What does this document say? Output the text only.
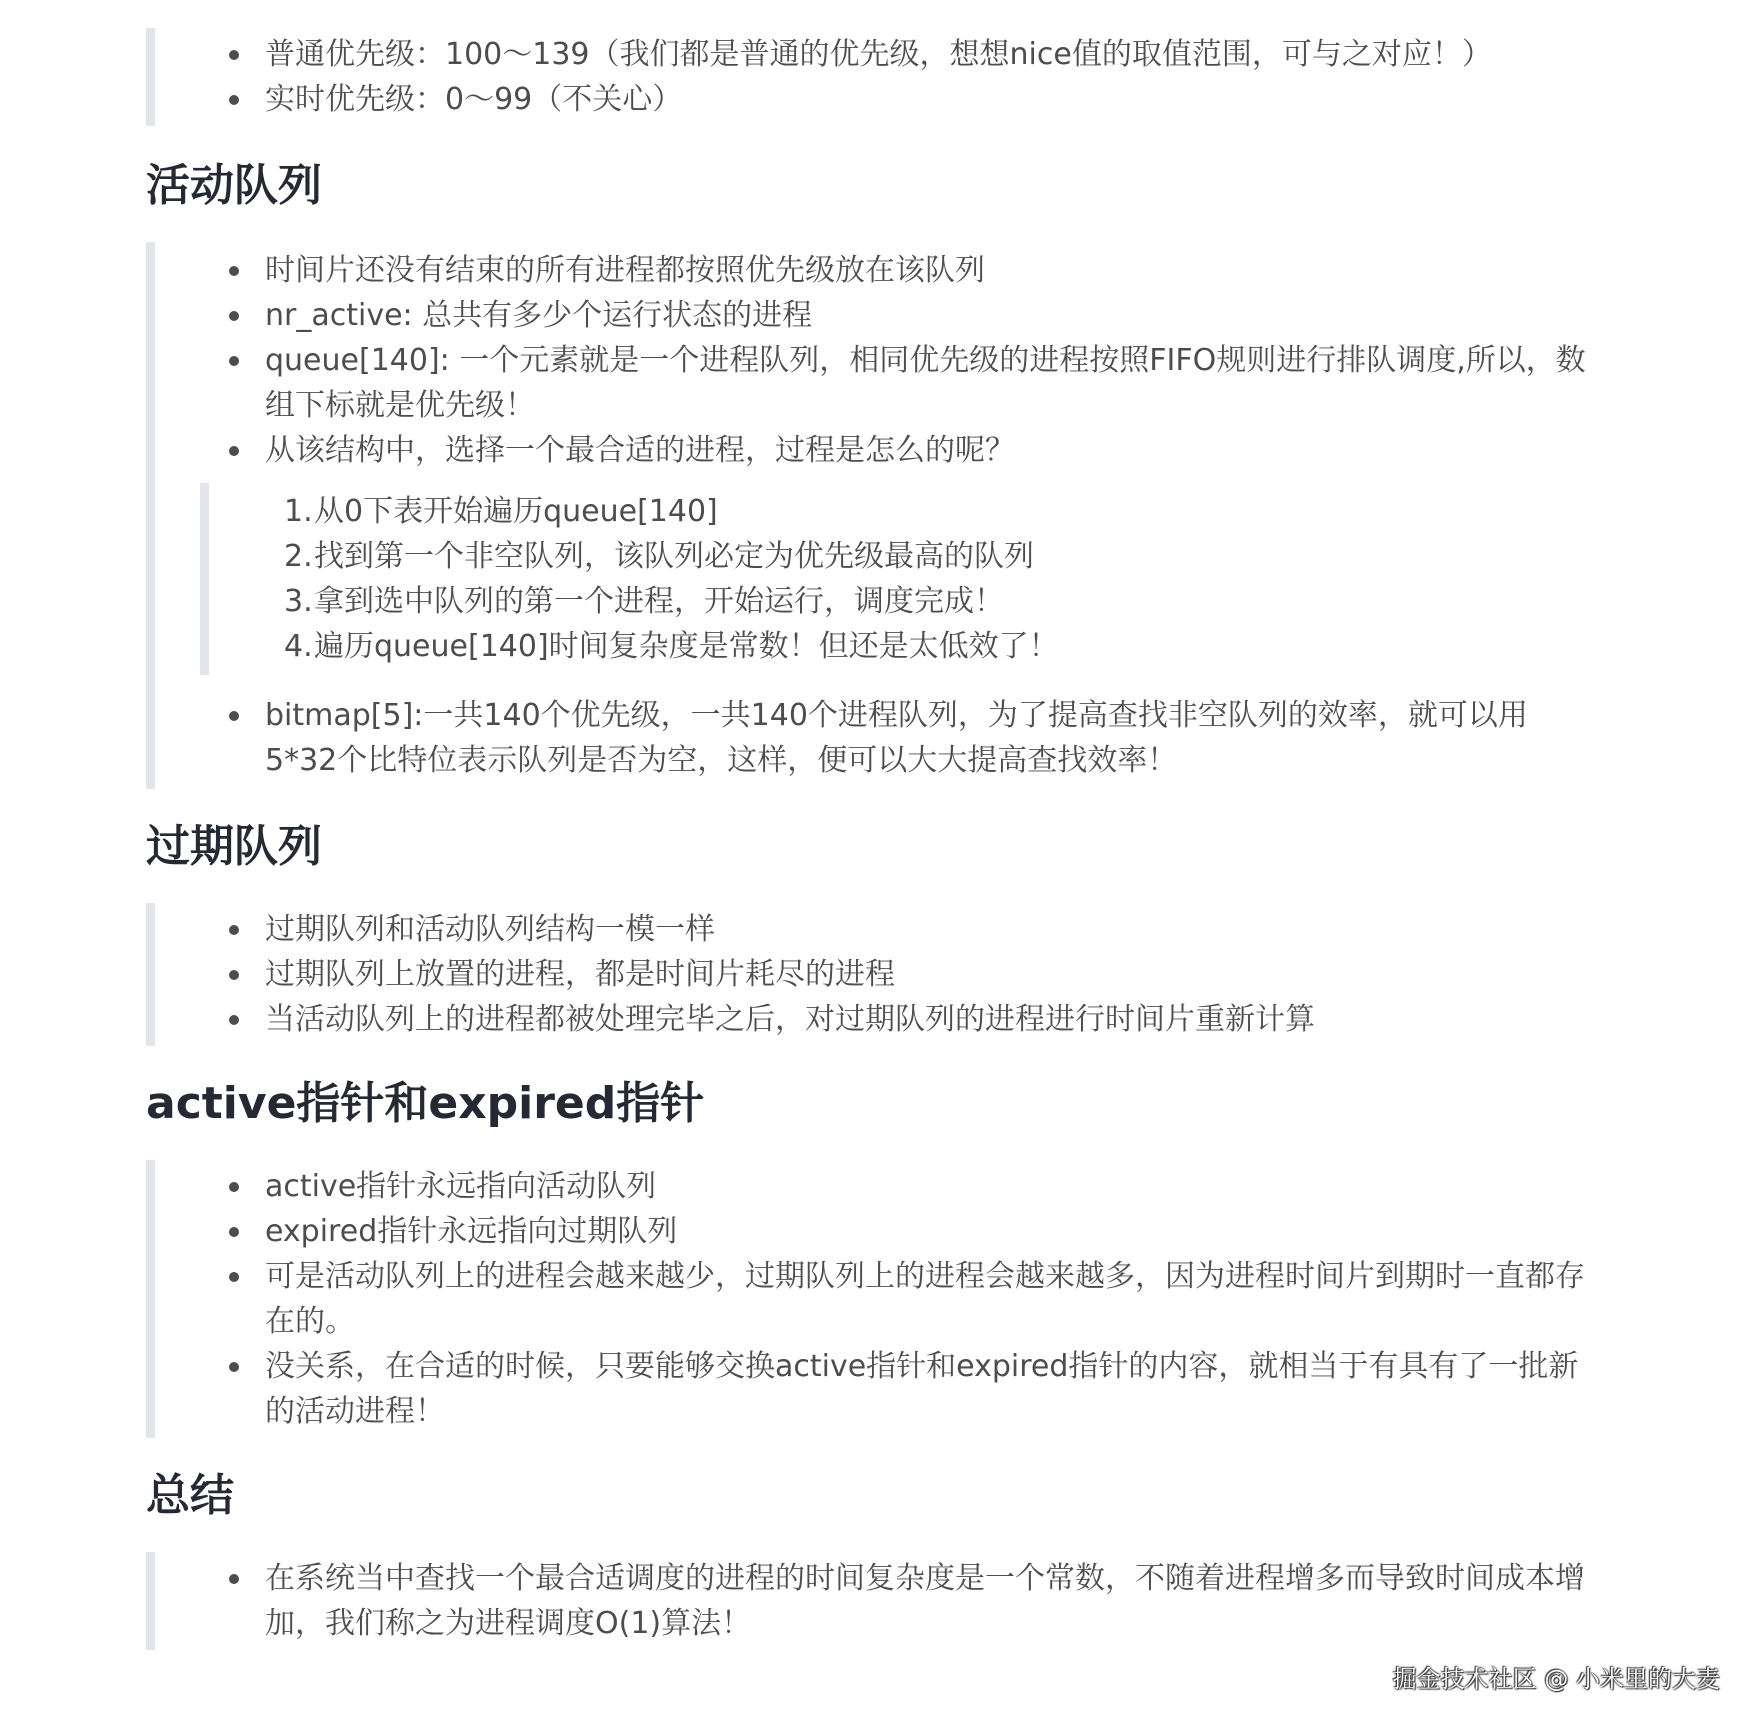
普通优先级：100～139（我们都是普通的优先级，想想nice值的取值范围，可与之对应！）
实时优先级：0～99（不关心）
活动队列
时间片还没有结束的所有进程都按照优先级放在该队列
nr_active: 总共有多少个运行状态的进程
queue[140]: 一个元素就是一个进程队列，相同优先级的进程按照FIFO规则进行排队调度,所以，数组下标就是优先级！
从该结构中，选择一个最合适的进程，过程是怎么的呢？
1.从0下表开始遍历queue[140]
2.找到第一个非空队列，该队列必定为优先级最高的队列
3.拿到选中队列的第一个进程，开始运行，调度完成！
4.遍历queue[140]时间复杂度是常数！但还是太低效了！
bitmap[5]:一共140个优先级，一共140个进程队列，为了提高查找非空队列的效率，就可以用5*32个比特位表示队列是否为空，这样，便可以大大提高查找效率！
过期队列
过期队列和活动队列结构一模一样
过期队列上放置的进程，都是时间片耗尽的进程
当活动队列上的进程都被处理完毕之后，对过期队列的进程进行时间片重新计算
active指针和expired指针
active指针永远指向活动队列
expired指针永远指向过期队列
可是活动队列上的进程会越来越少，过期队列上的进程会越来越多，因为进程时间片到期时一直都存在的。
没关系，在合适的时候，只要能够交换active指针和expired指针的内容，就相当于有具有了一批新的活动进程！
总结
在系统当中查找一个最合适调度的进程的时间复杂度是一个常数，不随着进程增多而导致时间成本增加，我们称之为进程调度O(1)算法！
掘金技术社区 @ 小米里的大麦
